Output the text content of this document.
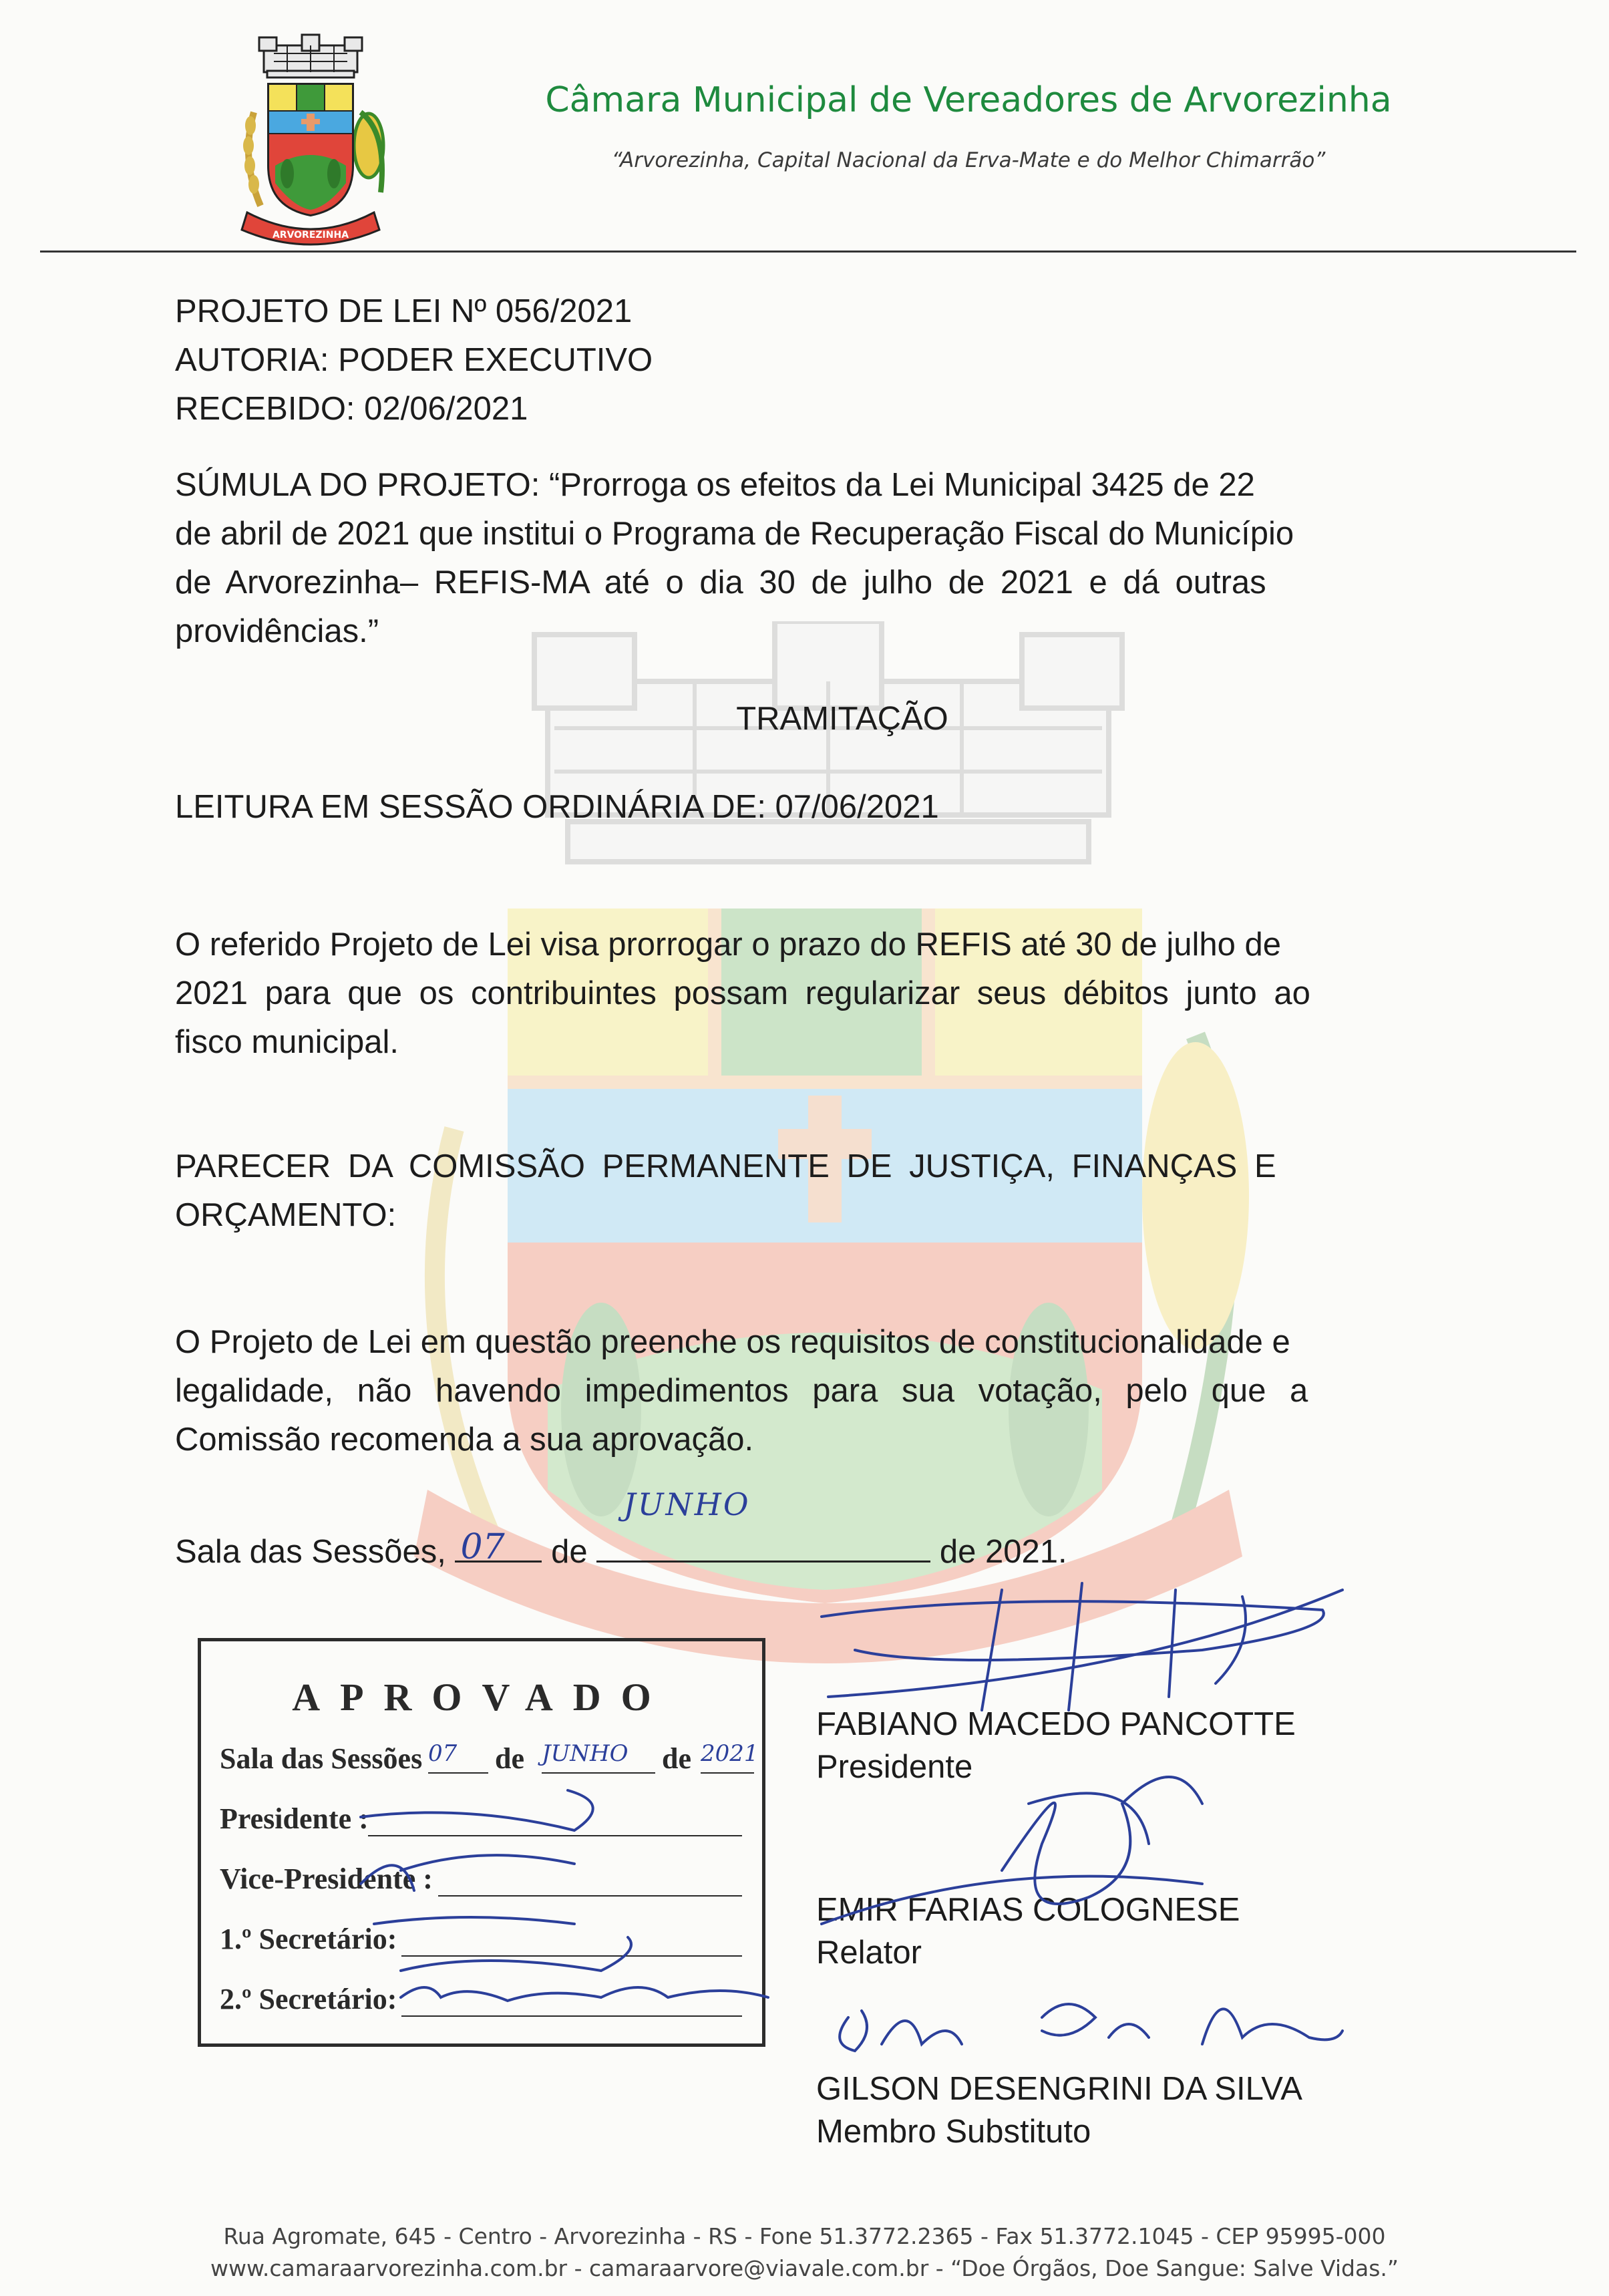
ARVOREZINHA
Câmara Municipal de Vereadores de Arvorezinha
“Arvorezinha, Capital Nacional da Erva-Mate e do Melhor Chimarrão”
PROJETO DE LEI Nº 056/2021
AUTORIA: PODER EXECUTIVO
RECEBIDO: 02/06/2021
SÚMULA DO PROJETO: “Prorroga os efeitos da Lei Municipal 3425 de 22
de abril de 2021 que institui o Programa de Recuperação Fiscal do Município
de Arvorezinha– REFIS-MA até o dia 30 de julho de 2021 e dá outras
providências.”
TRAMITAÇÃO
LEITURA EM SESSÃO ORDINÁRIA DE: 07/06/2021
O referido Projeto de Lei visa prorrogar o prazo do REFIS até 30 de julho de
2021 para que os contribuintes possam regularizar seus débitos junto ao
fisco municipal.
PARECER DA COMISSÃO PERMANENTE DE JUSTIÇA, FINANÇAS E
ORÇAMENTO:
O Projeto de Lei em questão preenche os requisitos de constitucionalidade e
legalidade, não havendo impedimentos para sua votação, pelo que a
Comissão recomenda a sua aprovação.
Sala das Sessões, 07 de
JUNHO
de 2021.
APROVADO
Sala das Sessões 07 de JUNHO de 2021
Presidente :
Vice-Presidente :
1.º Secretário:
2.º Secretário:
FABIANO MACEDO PANCOTTE
Presidente
EMIR FARIAS COLOGNESE
Relator
GILSON DESENGRINI DA SILVA
Membro Substituto
Rua Agromate, 645 - Centro - Arvorezinha - RS - Fone 51.3772.2365 - Fax 51.3772.1045 - CEP 95995-000
www.camaraarvorezinha.com.br - camaraarvore@viavale.com.br - “Doe Órgãos, Doe Sangue: Salve Vidas.”
